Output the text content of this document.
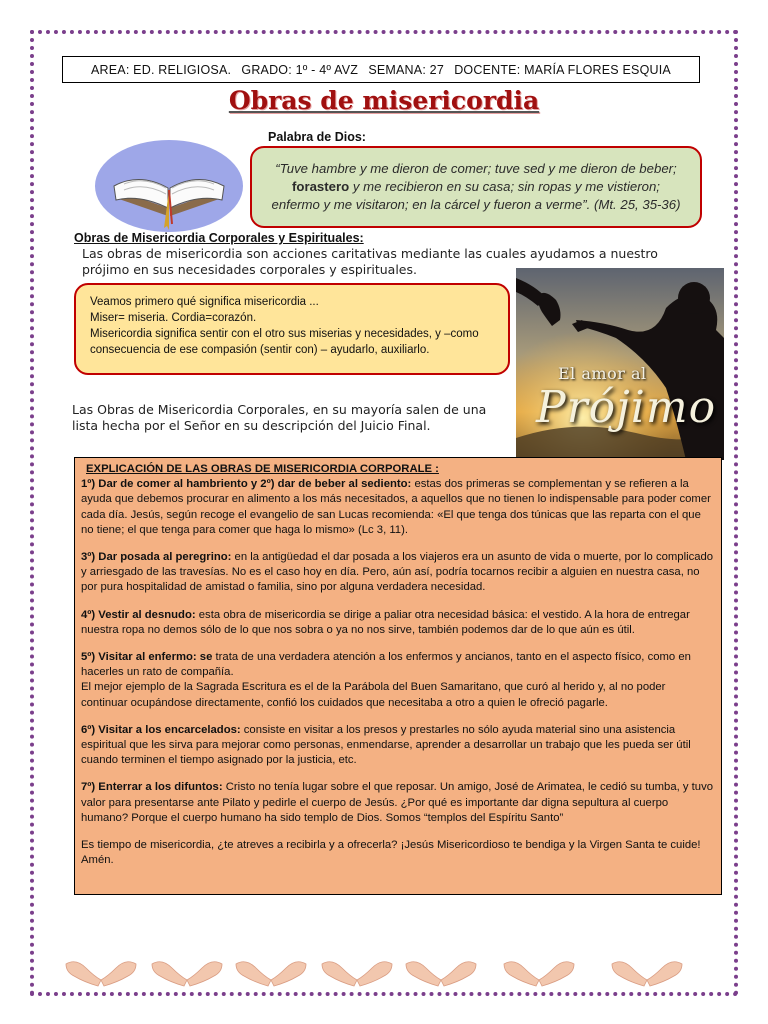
AREA: ED. RELIGIOSA. GRADO: 1º - 4º AVZ SEMANA: 27 DOCENTE: MARÍA FLORES ESQUIA
Obras de misericordia
Palabra de Dios:
“Tuve hambre y me dieron de comer; tuve sed y me dieron de beber; forastero y me recibieron en su casa; sin ropas y me vistieron; enfermo y me visitaron; en la cárcel y fueron a verme”. (Mt. 25, 35-36)
Obras de Misericordia Corporales y Espirituales:
Las obras de misericordia son acciones caritativas mediante las cuales ayudamos a nuestro prójimo en sus necesidades corporales y espirituales.
Veamos primero qué significa misericordia ...
Miser= miseria. Cordia=corazón.
Misericordia significa sentir con el otro sus miserias y necesidades, y –como consecuencia de ese compasión (sentir con) – ayudarlo, auxiliarlo.
El amor al
Prójimo
Las Obras de Misericordia Corporales, en su mayoría salen de una lista hecha por el Señor en su descripción del Juicio Final.
EXPLICACIÓN DE LAS OBRAS DE MISERICORDIA CORPORALE :

1º) Dar de comer al hambriento y 2º) dar de beber al sediento: estas dos primeras se complementan y se refieren a la ayuda que debemos procurar en alimento a los más necesitados, a aquellos que no tienen lo indispensable para poder comer cada día. Jesús, según recoge el evangelio de san Lucas recomienda: «El que tenga dos túnicas que las reparta con el que no tiene; el que tenga para comer que haga lo mismo» (Lc 3, 11).

3º) Dar posada al peregrino: en la antigüedad el dar posada a los viajeros era un asunto de vida o muerte, por lo complicado y arriesgado de las travesías. No es el caso hoy en día. Pero, aún así, podría tocarnos recibir a alguien en nuestra casa, no por pura hospitalidad de amistad o familia, sino por alguna verdadera necesidad.

4º) Vestir al desnudo: esta obra de misericordia se dirige a paliar otra necesidad básica: el vestido. A la hora de entregar nuestra ropa no demos sólo de lo que nos sobra o ya no nos sirve, también podemos dar de lo que aún es útil.

5º) Visitar al enfermo: se trata de una verdadera atención a los enfermos y ancianos, tanto en el aspecto físico, como en hacerles un rato de compañía.
El mejor ejemplo de la Sagrada Escritura es el de la Parábola del Buen Samaritano, que curó al herido y, al no poder continuar ocupándose directamente, confió los cuidados que necesitaba a otro a quien le ofreció pagarle.

6º) Visitar a los encarcelados: consiste en visitar a los presos y prestarles no sólo ayuda material sino una asistencia espiritual que les sirva para mejorar como personas, enmendarse, aprender a desarrollar un trabajo que les pueda ser útil cuando terminen el tiempo asignado por la justicia, etc.

7º) Enterrar a los difuntos: Cristo no tenía lugar sobre el que reposar. Un amigo, José de Arimatea, le cedió su tumba, y tuvo valor para presentarse ante Pilato y pedirle el cuerpo de Jesús. ¿Por qué es importante dar digna sepultura al cuerpo humano? Porque el cuerpo humano ha sido templo de Dios. Somos “templos del Espíritu Santo”

Es tiempo de misericordia, ¿te atreves a recibirla y a ofrecerla? ¡Jesús Misericordioso te bendiga y la Virgen Santa te cuide! Amén.
